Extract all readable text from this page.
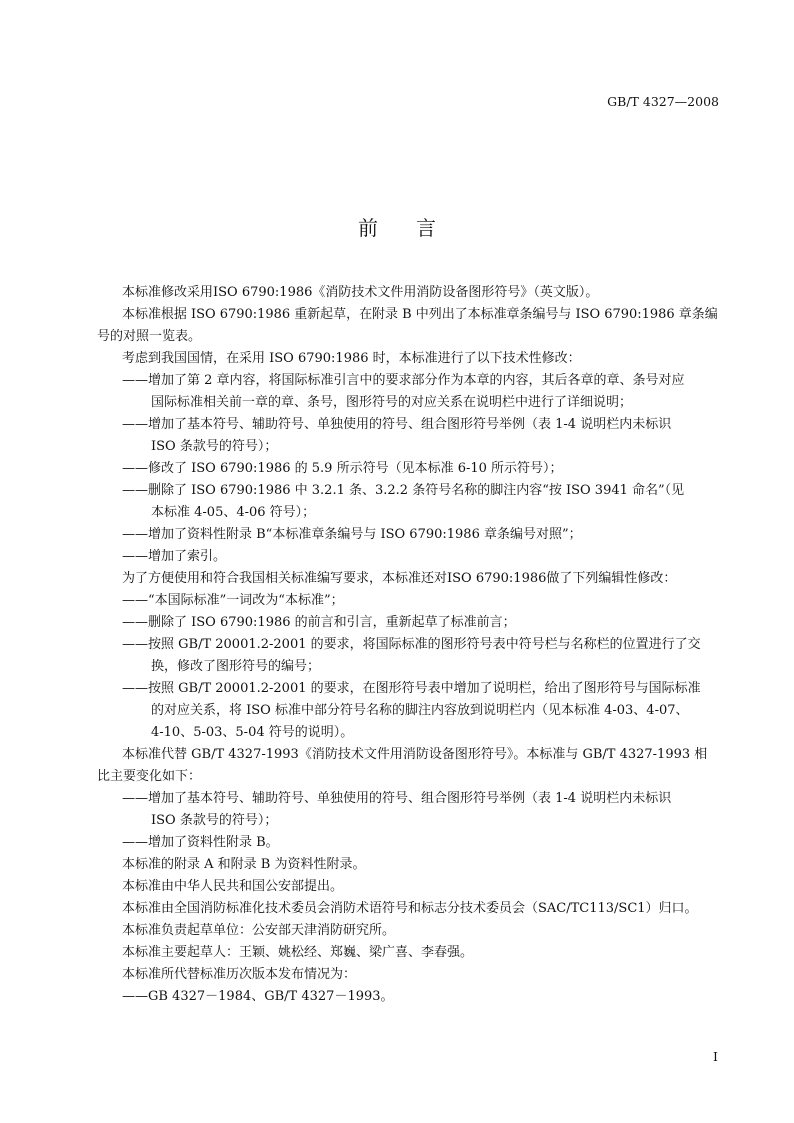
GB/T 4327—2008
前言
本标准修改采用ISO 6790:1986《消防技术文件用消防设备图形符号》（英文版）。
本标准根据 ISO 6790:1986 重新起草，在附录 B 中列出了本标准章条编号与 ISO 6790:1986 章条编
号的对照一览表。
考虑到我国国情，在采用 ISO 6790:1986 时，本标准进行了以下技术性修改：
——增加了第 2 章内容，将国际标准引言中的要求部分作为本章的内容，其后各章的章、条号对应
国际标准相关前一章的章、条号，图形符号的对应关系在说明栏中进行了详细说明；
——增加了基本符号、辅助符号、单独使用的符号、组合图形符号举例（表 1-4 说明栏内未标识
ISO 条款号的符号）；
——修改了 ISO 6790:1986 的 5.9 所示符号（见本标准 6-10 所示符号）；
——删除了 ISO 6790:1986 中 3.2.1 条、3.2.2 条符号名称的脚注内容“按 ISO 3941 命名”（见
本标准 4-05、4-06 符号）；
——增加了资料性附录 B“本标准章条编号与 ISO 6790:1986 章条编号对照”；
——增加了索引。
为了方便使用和符合我国相关标准编写要求，本标准还对ISO 6790:1986做了下列编辑性修改：
——“本国际标准”一词改为“本标准”；
——删除了 ISO 6790:1986 的前言和引言，重新起草了标准前言；
——按照 GB/T 20001.2-2001 的要求，将国际标准的图形符号表中符号栏与名称栏的位置进行了交
换，修改了图形符号的编号；
——按照 GB/T 20001.2-2001 的要求，在图形符号表中增加了说明栏，给出了图形符号与国际标准
的对应关系，将 ISO 标准中部分符号名称的脚注内容放到说明栏内（见本标准 4-03、4-07、
4-10、5-03、5-04 符号的说明）。
本标准代替 GB/T 4327-1993《消防技术文件用消防设备图形符号》。本标准与 GB/T 4327-1993 相
比主要变化如下：
——增加了基本符号、辅助符号、单独使用的符号、组合图形符号举例（表 1-4 说明栏内未标识
ISO 条款号的符号）；
——增加了资料性附录 B。
本标准的附录 A 和附录 B 为资料性附录。
本标准由中华人民共和国公安部提出。
本标准由全国消防标准化技术委员会消防术语符号和标志分技术委员会（SAC/TC113/SC1）归口。
本标准负责起草单位：公安部天津消防研究所。
本标准主要起草人：王颖、姚松经、郑巍、梁广喜、李春强。
本标准所代替标准历次版本发布情况为：
——GB 4327－1984、GB/T 4327－1993。
I
